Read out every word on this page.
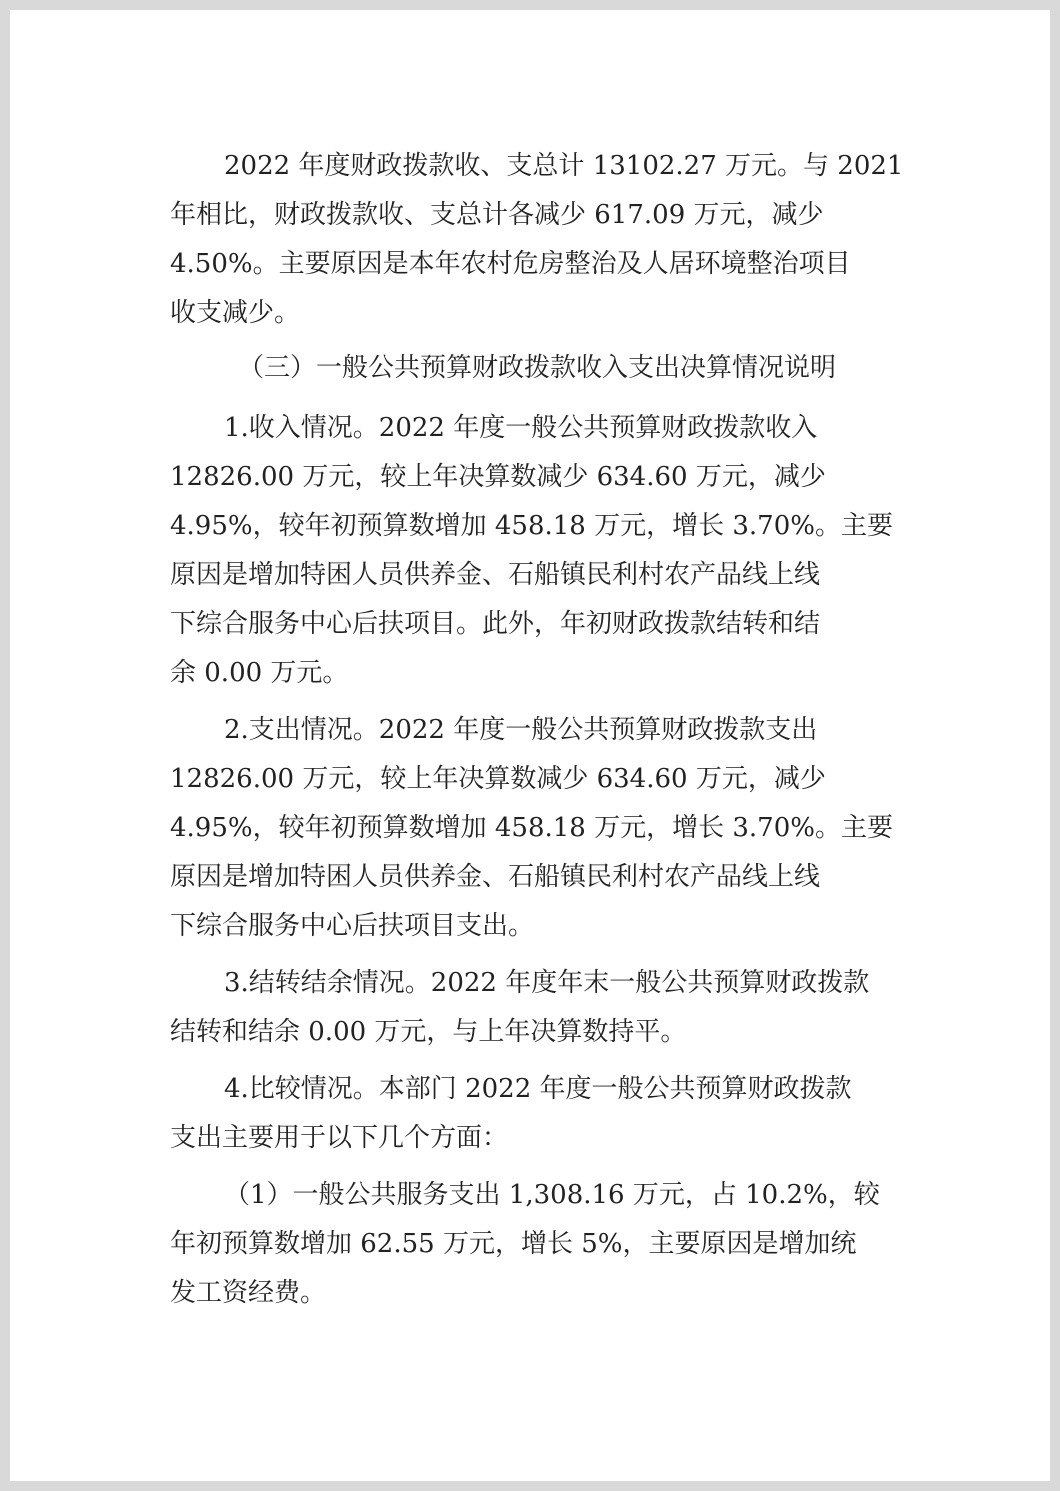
2022 年度财政拨款收、支总计 13102.27 万元。与 2021
年相比，财政拨款收、支总计各减少 617.09 万元，减少
4.50%。主要原因是本年农村危房整治及人居环境整治项目
收支减少。
（三）一般公共预算财政拨款收入支出决算情况说明
1.收入情况。2022 年度一般公共预算财政拨款收入
12826.00 万元，较上年决算数减少 634.60 万元，减少
4.95%，较年初预算数增加 458.18 万元，增长 3.70%。主要
原因是增加特困人员供养金、石船镇民利村农产品线上线
下综合服务中心后扶项目。此外，年初财政拨款结转和结
余 0.00 万元。
2.支出情况。2022 年度一般公共预算财政拨款支出
12826.00 万元，较上年决算数减少 634.60 万元，减少
4.95%，较年初预算数增加 458.18 万元，增长 3.70%。主要
原因是增加特困人员供养金、石船镇民利村农产品线上线
下综合服务中心后扶项目支出。
3.结转结余情况。2022 年度年末一般公共预算财政拨款
结转和结余 0.00 万元，与上年决算数持平。
4.比较情况。本部门 2022 年度一般公共预算财政拨款
支出主要用于以下几个方面：
（1）一般公共服务支出 1,308.16 万元，占 10.2%，较
年初预算数增加 62.55 万元，增长 5%，主要原因是增加统
发工资经费。
